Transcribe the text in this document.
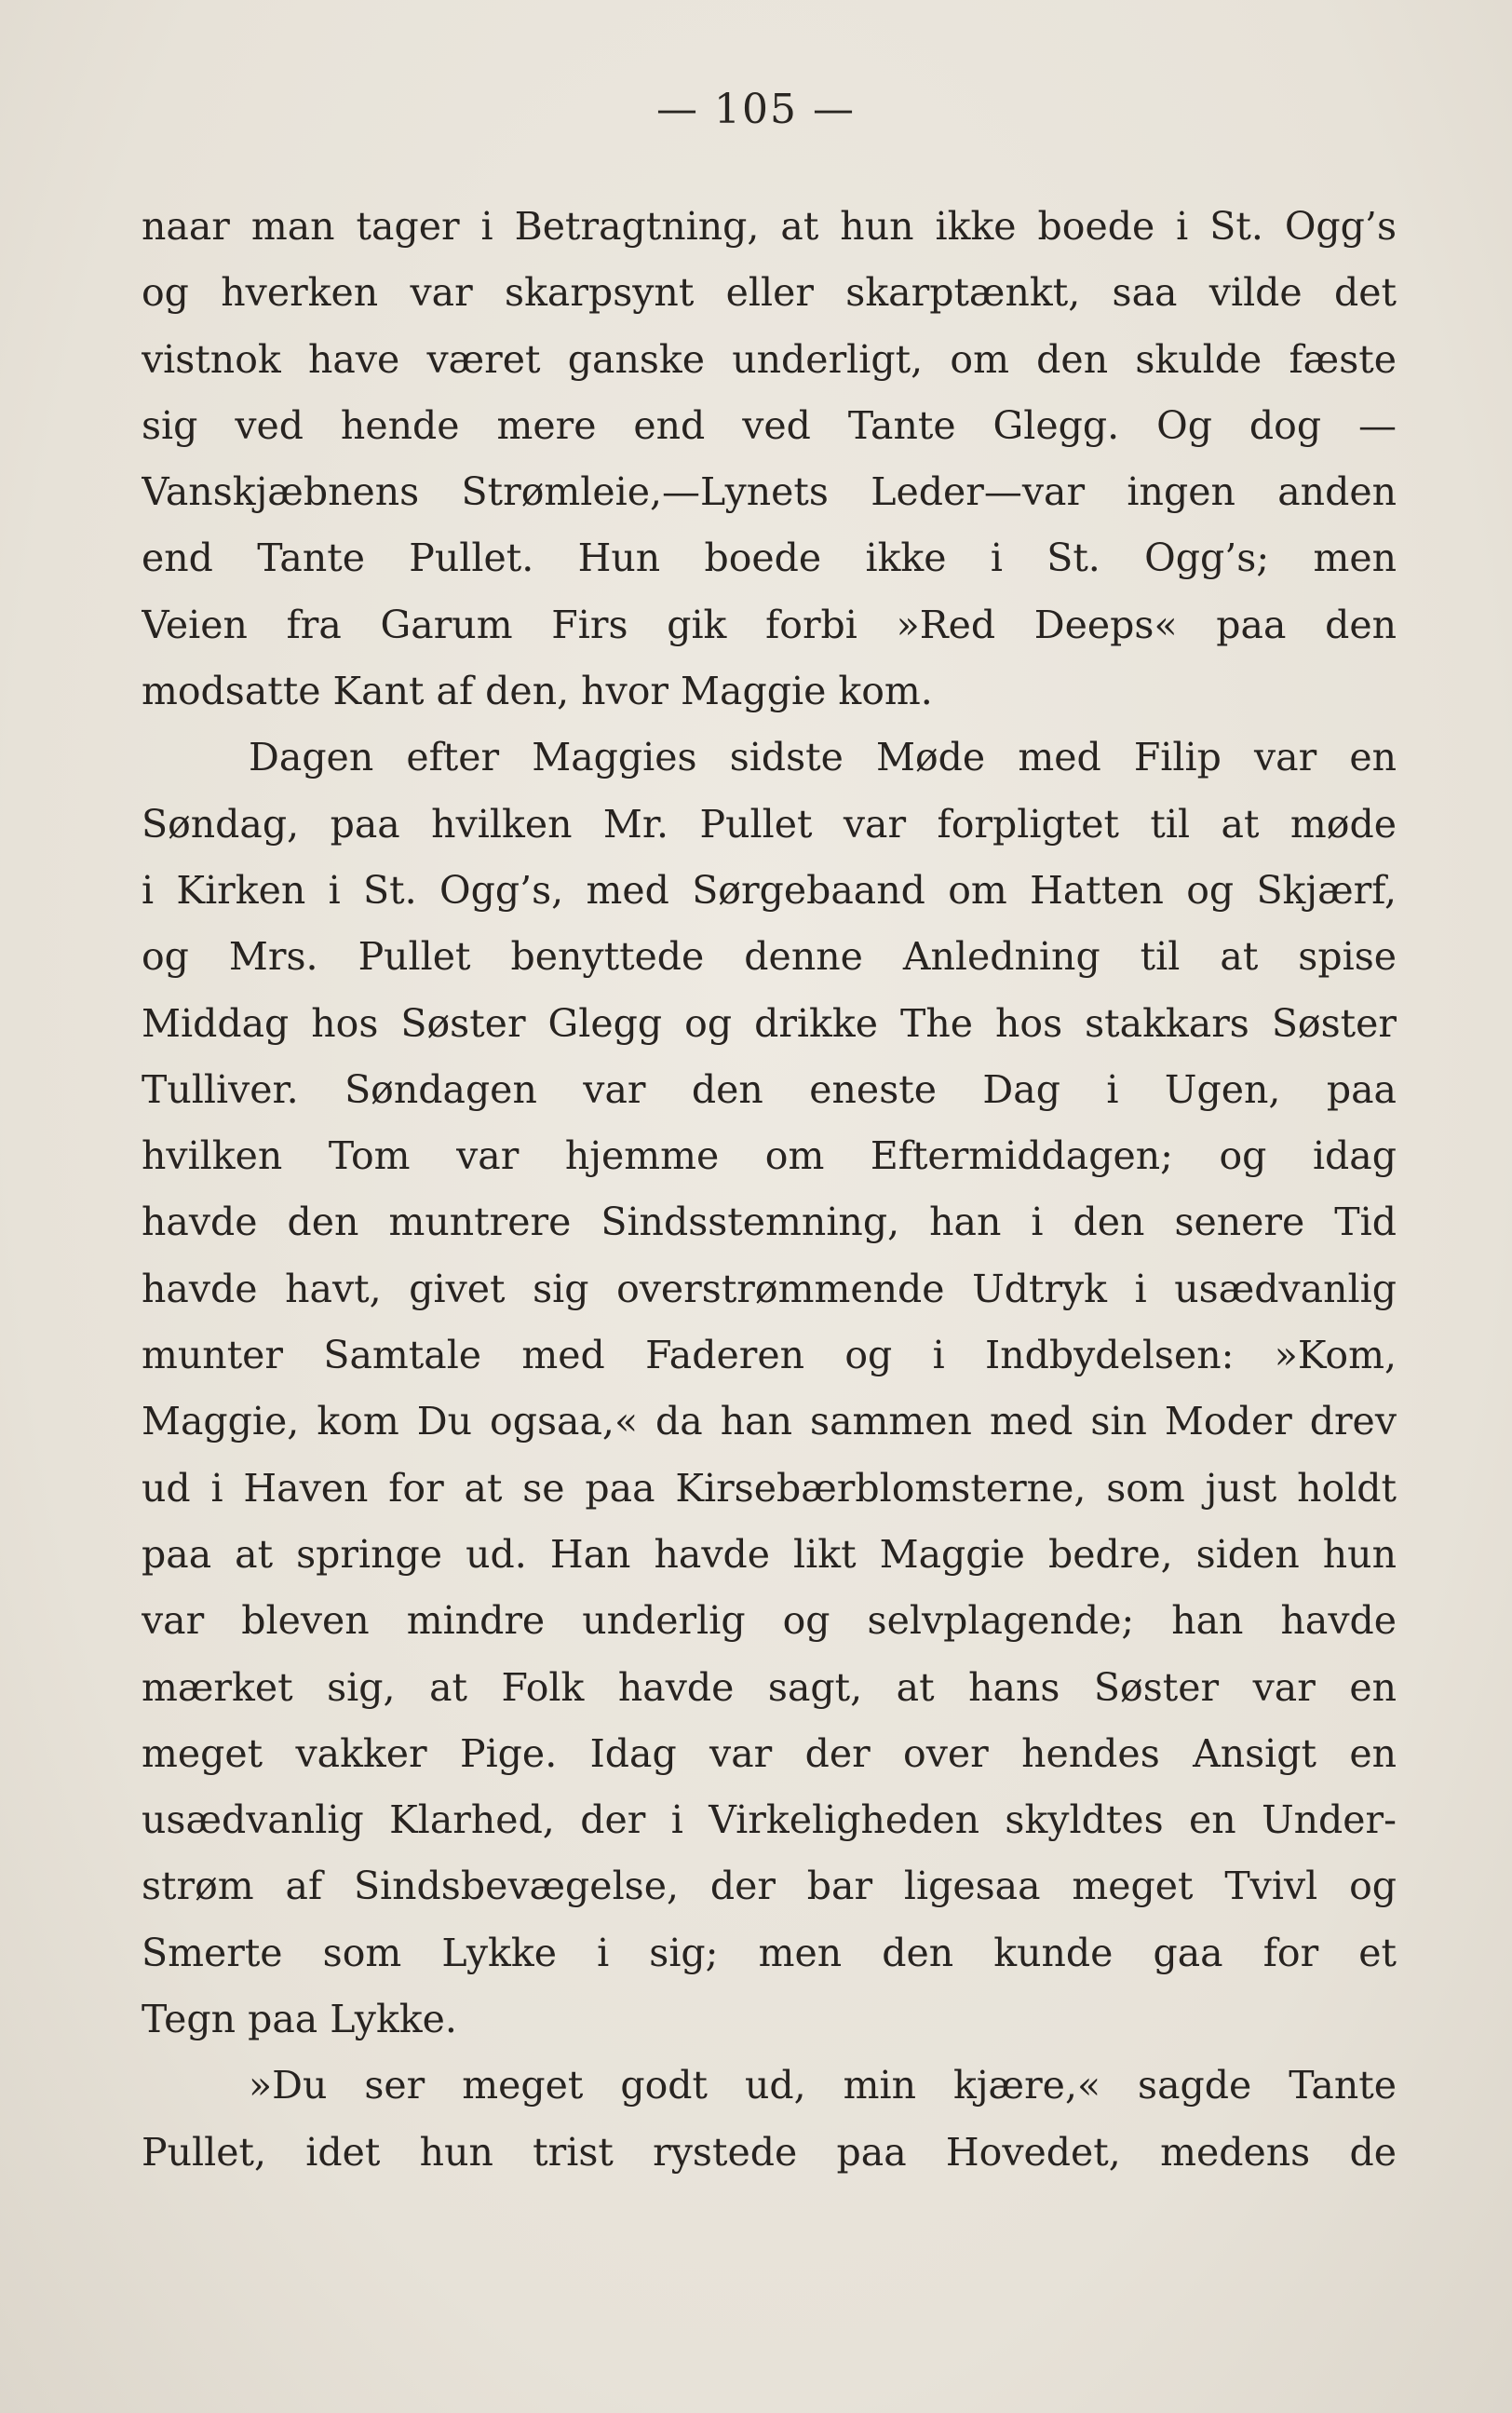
— 105 —
naar man tager i Betragtning, at hun ikke boede i St. Ogg’s
og hverken var skarpsynt eller skarptænkt, saa vilde det
vistnok have været ganske underligt, om den skulde fæste
sig ved hende mere end ved Tante Glegg. Og dog —
Vanskjæbnens Strømleie,—Lynets Leder—var ingen anden
end Tante Pullet. Hun boede ikke i St. Ogg’s; men
Veien fra Garum Firs gik forbi »Red Deeps« paa den
modsatte Kant af den, hvor Maggie kom.
Dagen efter Maggies sidste Møde med Filip var en
Søndag, paa hvilken Mr. Pullet var forpligtet til at møde
i Kirken i St. Ogg’s, med Sørgebaand om Hatten og Skjærf,
og Mrs. Pullet benyttede denne Anledning til at spise
Middag hos Søster Glegg og drikke The hos stakkars Søster
Tulliver. Søndagen var den eneste Dag i Ugen, paa
hvilken Tom var hjemme om Eftermiddagen; og idag
havde den muntrere Sindsstemning, han i den senere Tid
havde havt, givet sig overstrømmende Udtryk i usædvanlig
munter Samtale med Faderen og i Indbydelsen: »Kom,
Maggie, kom Du ogsaa,« da han sammen med sin Moder drev
ud i Haven for at se paa Kirsebærblomsterne, som just holdt
paa at springe ud. Han havde likt Maggie bedre, siden hun
var bleven mindre underlig og selvplagende; han havde
mærket sig, at Folk havde sagt, at hans Søster var en
meget vakker Pige. Idag var der over hendes Ansigt en
usædvanlig Klarhed, der i Virkeligheden skyldtes en Under-
strøm af Sindsbevægelse, der bar ligesaa meget Tvivl og
Smerte som Lykke i sig; men den kunde gaa for et
Tegn paa Lykke.
»Du ser meget godt ud, min kjære,« sagde Tante
Pullet, idet hun trist rystede paa Hovedet, medens de
